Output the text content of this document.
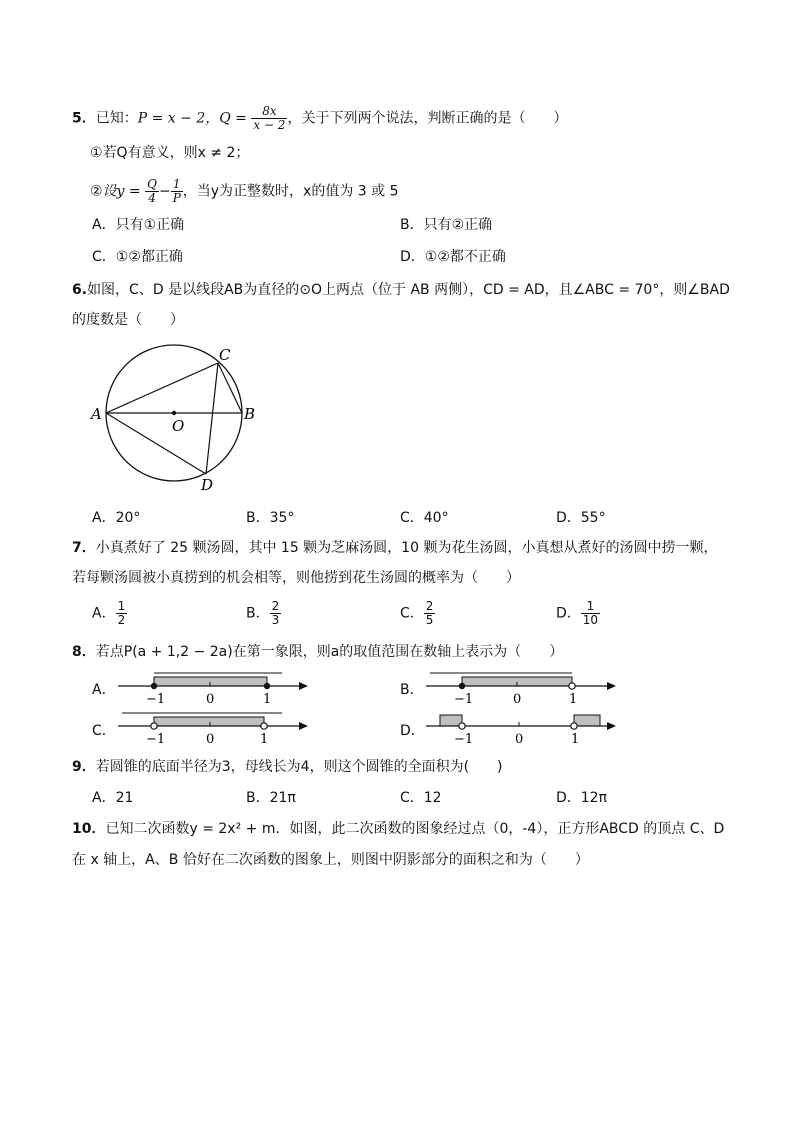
5．已知：P = x − 2，$Q = \frac{8x}{x - 2}$ ，关于下列两个说法，判断正确的是（　　）
①若Q有意义，则x ≠ 2；
②设$y = \frac{Q}{4} - \frac{1}{P}$ ，当y为正整数时，x的值为 3 或 5
A．只有①正确	B．只有②正确
C．①②都正确	D．①②都不正确
6.如图，C、D 是以线段AB为直径的⊙O上两点（位于 AB 两侧），CD = AD，且∠ABC = 70°，则∠BAD
的度数是（　　）
A	B
C
D
O
A．20°	B．35°	C．40°	D．55°
7．小真煮好了 25 颗汤圆，其中 15 颗为芝麻汤圆，10 颗为花生汤圆，小真想从煮好的汤圆中捞一颗，
若每颗汤圆被小真捞到的机会相等，则他捞到花生汤圆的概率为（　　）
A． $\frac{1}{2}$	B． $\frac{2}{3}$	C． $\frac{2}{5}$	D． $\frac{1}{10}$
8．若点P(a + 1,2 − 2a)在第一象限，则a的取值范围在数轴上表示为（　　）
A．
−1	0	1
B．
−1	0	1
C．
−1	0	1
D．
−1	0	1
9．若圆锥的底面半径为3，母线长为4，则这个圆锥的全面积为(　　)
A．21	B．21π	C．12	D．12π
10．已知二次函数y = 2x² + m．如图，此二次函数的图象经过点（0，-4），正方形ABCD 的顶点 C、D
在 x 轴上，A、B 恰好在二次函数的图象上，则图中阴影部分的面积之和为（　　）
